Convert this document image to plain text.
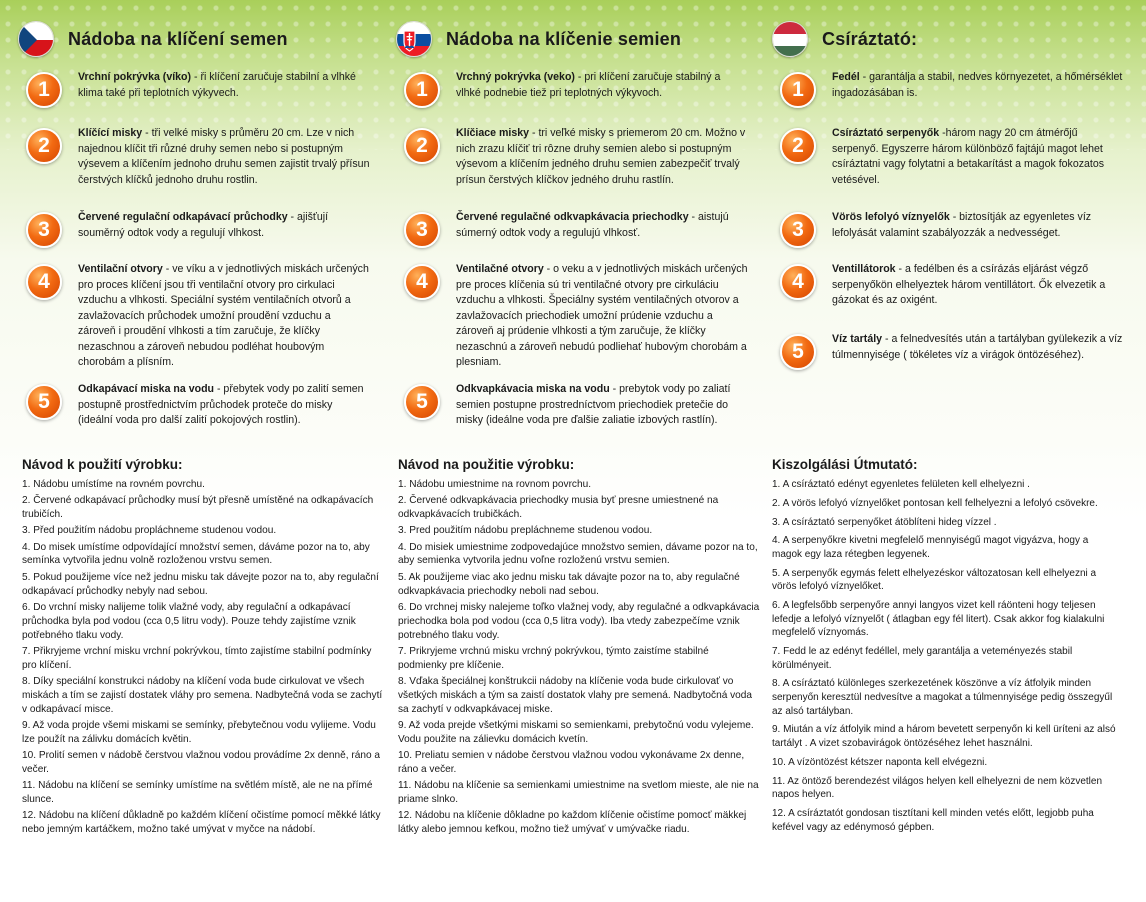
Nádoba na klíčení semen
1

Vrchní pokrývka (víko) - ři klíčení zaručuje stabilní a vlhké klima také při teplotních výkyvech.

2

Klíčící misky - tři velké misky s průměru 20 cm. Lze v nich najednou klíčit tři různé druhy semen nebo si postupným výsevem a klíčením jednoho druhu semen zajistit trvalý přísun čerstvých klíčků jednoho druhu rostlin.

3

Červené regulační odkapávací průchodky - ajišťují souměrný odtok vody a regulují vlhkost.

4

Ventilační otvory - ve víku a v jednotlivých miskách určených pro proces klíčení jsou tři ventilační otvory pro cirkulaci vzduchu a vlhkosti. Speciální systém ventilačních otvorů a zavlažovacích průchodek umožní proudění vzduchu a zároveň i proudění vlhkosti a tím zaručuje, že klíčky nezaschnou a zároveň nebudou podléhat houbovým chorobám a plísním.

5

Odkapávací miska na vodu - přebytek vody po zalití semen postupně prostřednictvím průchodek proteče do misky (ideální voda pro další zalití pokojových rostlin).

Nádoba na klíčenie semien
1

Vrchný pokrývka (veko) - pri klíčení zaručuje stabilný a vlhké podnebie tiež pri teplotných výkyvoch.

2

Klíčiace misky - tri veľké misky s priemerom 20 cm. Možno v nich zrazu klíčiť tri rôzne druhy semien alebo si postupným výsevom a klíčením jedného druhu semien zabezpečiť trvalý prísun čerstvých klíčkov jedného druhu rastlín.

3

Červené regulačné odkvapkávacia priechodky - aistujú súmerný odtok vody a regulujú vlhkosť.

4

Ventilačné otvory - o veku a v jednotlivých miskách určených pre proces klíčenia sú tri ventilačné otvory pre cirkuláciu vzduchu a vlhkosti. Špeciálny systém ventilačných otvorov a zavlažovacích priechodiek umožní prúdenie vzduchu a zároveň aj prúdenie vlhkosti a tým zaručuje, že klíčky nezaschnú a zároveň nebudú podliehať hubovým chorobám a plesniam.

5

Odkvapkávacia miska na vodu - prebytok vody po zaliatí semien postupne prostredníctvom priechodiek pretečie do misky (ideálne voda pre ďalšie zaliatie izbových rastlín).

Csíráztató:
1

Fedél - garantálja a stabil, nedves környezetet, a hőmérséklet ingadozásában is.

2

Csíráztató serpenyők -három nagy 20 cm átmérőjű serpenyő. Egyszerre három különböző fajtájú magot lehet csíráztatni vagy folytatni a betakarítást a magok fokozatos vetésével.

3

Vörös lefolyó víznyelők - biztosítják az egyenletes víz lefolyását valamint szabályozzák a nedvességet.

4

Ventillátorok - a fedélben és a csírázás eljárást végző serpenyőkön elhelyeztek három ventillátort. Ők elvezetik a gázokat és az oxigént.

5

Víz tartály - a felnedvesítés után a tartályban gyülekezik a víz túlmennyisége ( tökéletes víz a virágok öntözéséhez).

Návod k použití výrobku:
1. Nádobu umístíme na rovném povrchu.
2. Červené odkapávací průchodky musí být přesně umístěné na odkapávacích trubičích.
3. Před použitím nádobu propláchneme studenou vodou.
4. Do misek umístíme odpovídající množství semen, dáváme pozor na to, aby semínka vytvořila jednu volně rozloženou vrstvu semen.
5. Pokud použijeme více než jednu misku tak dávejte pozor na to, aby regulační odkapávací průchodky nebyly nad sebou.
6. Do vrchní misky nalijeme tolik vlažné vody, aby regulační a odkapávací průchodka byla pod vodou (cca 0,5 litru vody). Pouze tehdy zajistíme vznik potřebného tlaku vody.
7. Přikryjeme vrchní misku vrchní pokrývkou, tímto zajistíme stabilní podmínky pro klíčení.
8. Díky speciální konstrukci nádoby na klíčení voda bude cirkulovat ve všech miskách a tím se zajistí dostatek vláhy pro semena. Nadbytečná voda se zachytí v odkapávací misce.
9. Až voda projde všemi miskami se semínky, přebytečnou vodu vylijeme. Vodu lze použít na zálivku domácích květin.
10. Prolití semen v nádobě čerstvou vlažnou vodou provádíme 2x denně, ráno a večer.
11. Nádobu na klíčení se semínky umístíme na světlém místě, ale ne na přímé slunce.
12. Nádobu na klíčení důkladně po každém klíčení očistíme pomocí měkké látky nebo jemným kartáčkem, možno také umývat v myčce na nádobí.
Návod na použitie výrobku:
1. Nádobu umiestnime na rovnom povrchu.
2. Červené odkvapkávacia priechodky musia byť presne umiestnené na odkvapkávacích trubičkách.
3. Pred použitím nádobu prepláchneme studenou vodou.
4. Do misiek umiestnime zodpovedajúce množstvo semien, dávame pozor na to, aby semienka vytvorila jednu voľne rozloženú vrstvu semien.
5. Ak použijeme viac ako jednu misku tak dávajte pozor na to, aby regulačné odkvapkávacia priechodky neboli nad sebou.
6. Do vrchnej misky nalejeme toľko vlažnej vody, aby regulačné a odkvapkávacia priechodka bola pod vodou (cca 0,5 litra vody). Iba vtedy zabezpečíme vznik potrebného tlaku vody.
7. Prikryjeme vrchnú misku vrchný pokrývkou, týmto zaistíme stabilné podmienky pre klíčenie.
8. Vďaka špeciálnej konštrukcii nádoby na klíčenie voda bude cirkulovať vo všetkých miskách a tým sa zaistí dostatok vlahy pre semená. Nadbytočná voda sa zachytí v odkvapkávacej miske.
9. Až voda prejde všetkými miskami so semienkami, prebytočnú vodu vylejeme. Vodu použite na zálievku domácich kvetín.
10. Preliatu semien v nádobe čerstvou vlažnou vodou vykonávame 2x denne, ráno a večer.
11. Nádobu na klíčenie sa semienkami umiestnime na svetlom mieste, ale nie na priame slnko.
12. Nádobu na klíčenie dôkladne po každom klíčenie očistíme pomocť mäkkej látky alebo jemnou kefkou, možno tiež umývať v umývačke riadu.
Kiszolgálási Útmutató:
1. A csíráztató edényt egyenletes felületen kell elhelyezni .
2. A vörös lefolyó víznyelőket pontosan kell felhelyezni a lefolyó csövekre.
3. A csíráztató serpenyőket átöblíteni hideg vízzel .
4. A serpenyőkre kivetni megfelelő mennyiségű magot vigyázva, hogy a magok egy laza rétegben legyenek.
5. A serpenyők egymás felett elhelyezéskor változatosan kell elhelyezni a vörös lefolyó víznyelőket.
6. A legfelsőbb serpenyőre annyi langyos vizet kell ráönteni hogy teljesen lefedje a lefolyó víznyelőt ( átlagban egy fél litert). Csak akkor fog kialakulni megfelelő víznyomás.
7. Fedd le az edényt fedéllel, mely garantálja a veteményezés stabil körülményeit.
8. A csíráztató különleges szerkezetének köszönve a víz átfolyik minden serpenyőn keresztül nedvesítve a magokat a túlmennyisége pedig összegyűl az alsó tartályban.
9. Miután a víz átfolyik mind a három bevetett serpenyőn ki kell üríteni az alsó tartályt . A vizet szobavirágok öntözéséhez lehet használni.
10. A vízöntözést kétszer naponta kell elvégezni.
11. Az öntöző berendezést világos helyen kell elhelyezni de nem közvetlen napos helyen.
12. A csíráztatót gondosan tisztítani kell minden vetés előtt, legjobb puha kefével vagy az edénymosó gépben.
